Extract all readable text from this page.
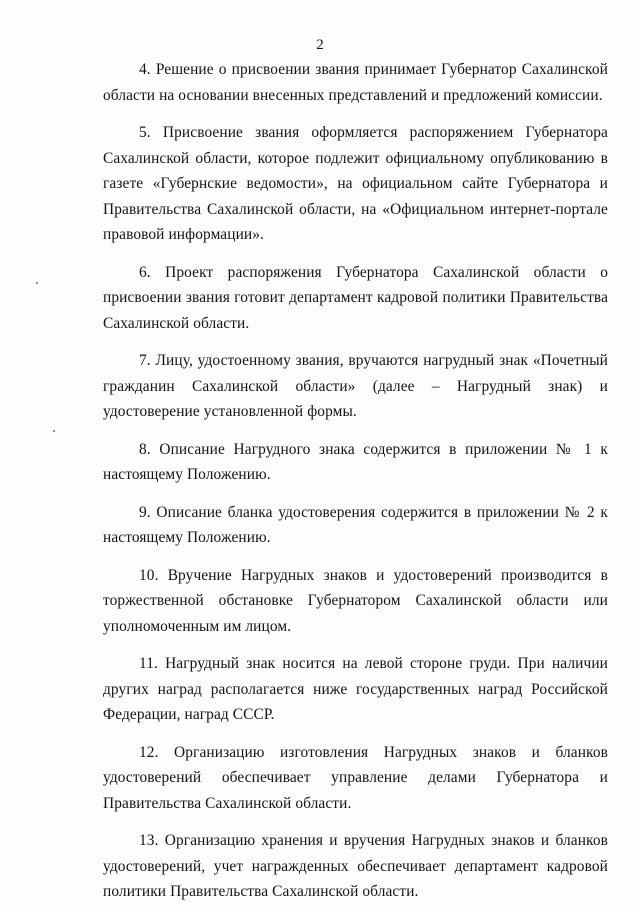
2

4. Решение о присвоении звания принимает Губернатор Сахалинской области на основании внесенных представлений и предложений комиссии.

5. Присвоение звания оформляется распоряжением Губернатора Сахалинской области, которое подлежит официальному опубликованию в газете «Губернские ведомости», на официальном сайте Губернатора и Правительства Сахалинской области, на «Официальном интернет-портале правовой информации».

6. Проект распоряжения Губернатора Сахалинской области о присвоении звания готовит департамент кадровой политики Правительства Сахалинской области.

7. Лицу, удостоенному звания, вручаются нагрудный знак «Почетный гражданин Сахалинской области» (далее – Нагрудный знак) и удостоверение установленной формы.

8. Описание Нагрудного знака содержится в приложении № 1 к настоящему Положению.

9. Описание бланка удостоверения содержится в приложении № 2 к настоящему Положению.

10. Вручение Нагрудных знаков и удостоверений производится в торжественной обстановке Губернатором Сахалинской области или уполномоченным им лицом.

11. Нагрудный знак носится на левой стороне груди. При наличии других наград располагается ниже государственных наград Российской Федерации, наград СССР.

12. Организацию изготовления Нагрудных знаков и бланков удостоверений обеспечивает управление делами Губернатора и Правительства Сахалинской области.

13. Организацию хранения и вручения Нагрудных знаков и бланков удостоверений, учет награжденных обеспечивает департамент кадровой политики Правительства Сахалинской области.
